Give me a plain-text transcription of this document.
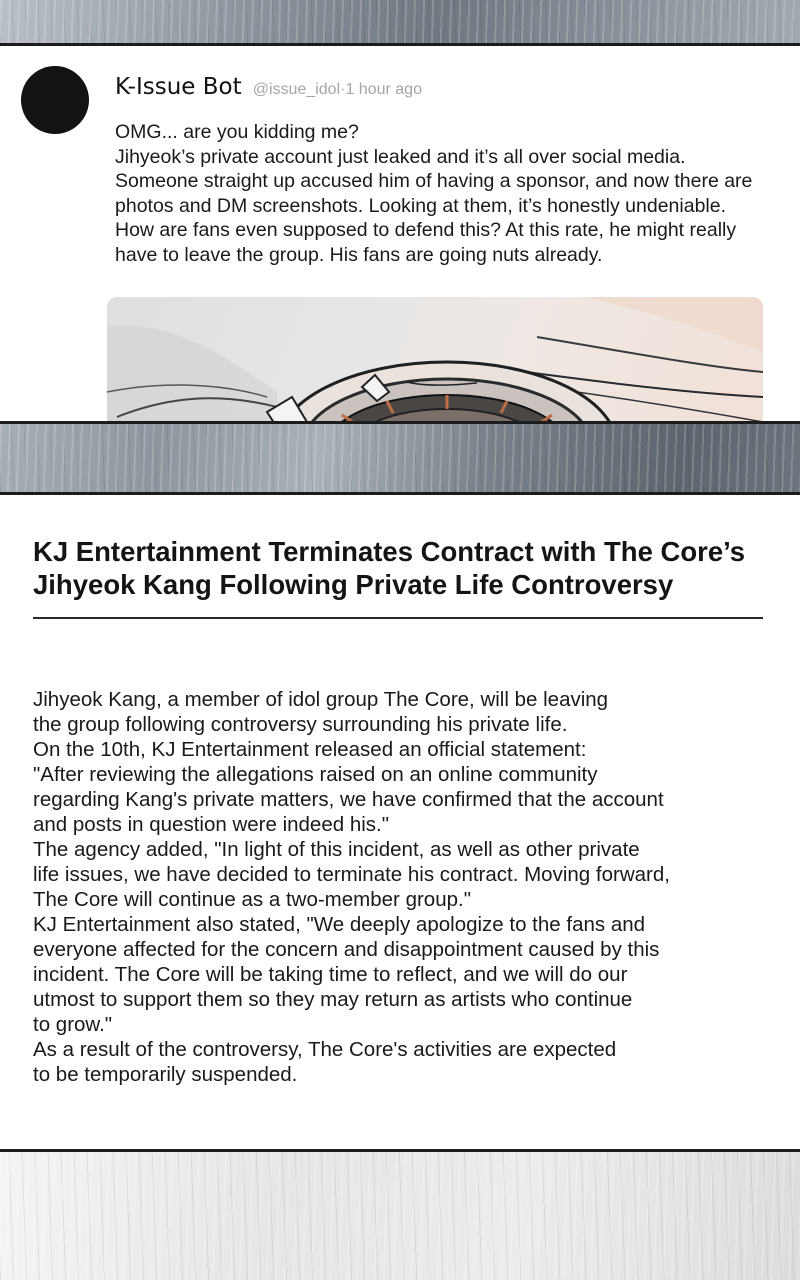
K-Issue Bot @issue_idol·1 hour ago
OMG... are you kidding me?
Jihyeok’s private account just leaked and it’s all over social media.
Someone straight up accused him of having a sponsor, and now there are
photos and DM screenshots. Looking at them, it’s honestly undeniable.
How are fans even supposed to defend this? At this rate, he might really
have to leave the group. His fans are going nuts already.
KJ Entertainment Terminates Contract with The Core’s
Jihyeok Kang Following Private Life Controversy
Jihyeok Kang, a member of idol group The Core, will be leaving
the group following controversy surrounding his private life.
On the 10th, KJ Entertainment released an official statement:
"After reviewing the allegations raised on an online community
regarding Kang's private matters, we have confirmed that the account
and posts in question were indeed his."
The agency added, "In light of this incident, as well as other private
life issues, we have decided to terminate his contract. Moving forward,
The Core will continue as a two-member group."
KJ Entertainment also stated, "We deeply apologize to the fans and
everyone affected for the concern and disappointment caused by this
incident. The Core will be taking time to reflect, and we will do our
utmost to support them so they may return as artists who continue
to grow."
As a result of the controversy, The Core's activities are expected
to be temporarily suspended.
